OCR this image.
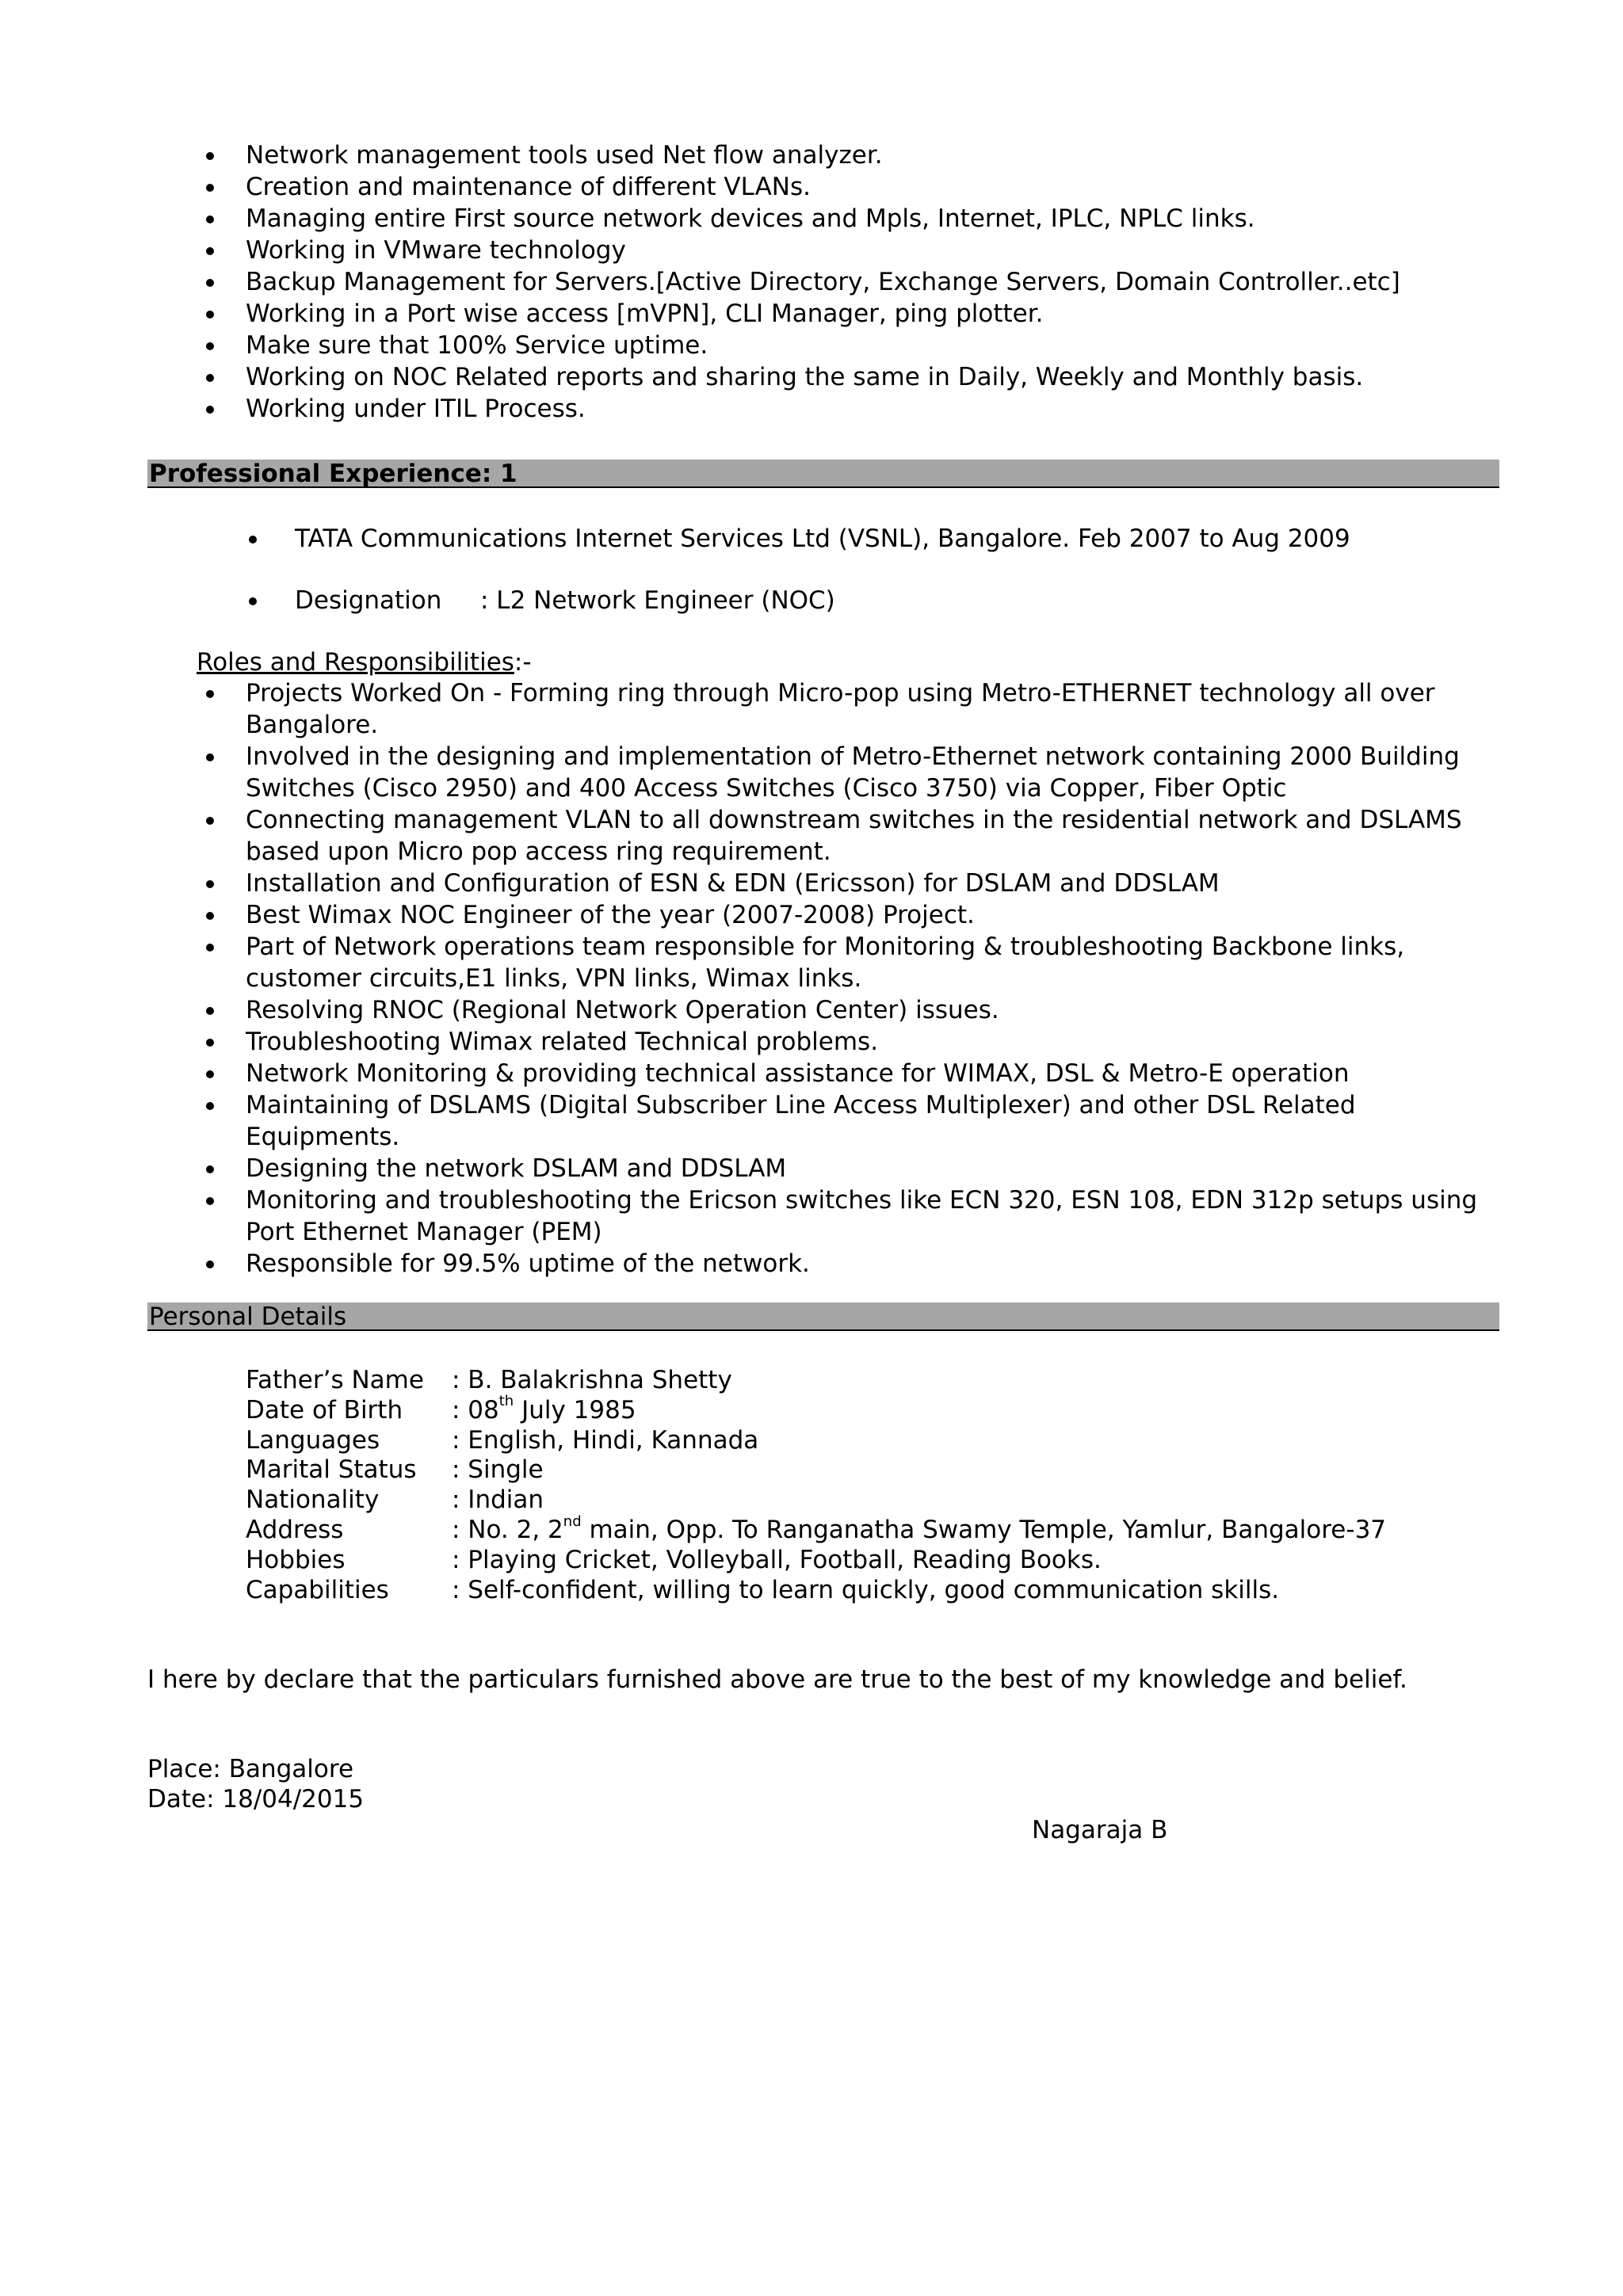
Network management tools used Net flow analyzer.
Creation and maintenance of different VLANs.
Managing entire First source network devices and Mpls, Internet, IPLC, NPLC links.
Working in VMware technology
Backup Management for Servers.[Active Directory, Exchange Servers, Domain Controller..etc]
Working in a Port wise access [mVPN], CLI Manager, ping plotter.
Make sure that 100% Service uptime.
Working on NOC Related reports and sharing the same in Daily, Weekly and Monthly basis.
Working under ITIL Process.
Professional Experience: 1
TATA Communications Internet Services Ltd (VSNL), Bangalore. Feb 2007 to Aug 2009
Designation : L2 Network Engineer (NOC)
Roles and Responsibilities:-
Projects Worked On - Forming ring through Micro-pop using Metro-ETHERNET technology all over Bangalore.
Involved in the designing and implementation of Metro-Ethernet network containing 2000 Building Switches (Cisco 2950) and 400 Access Switches (Cisco 3750) via Copper, Fiber Optic
Connecting management VLAN to all downstream switches in the residential network and DSLAMS based upon Micro pop access ring requirement.
Installation and Configuration of ESN & EDN (Ericsson) for DSLAM and DDSLAM
Best Wimax NOC Engineer of the year (2007-2008) Project.
Part of Network operations team responsible for Monitoring & troubleshooting Backbone links, customer circuits,E1 links, VPN links, Wimax links.
Resolving RNOC (Regional Network Operation Center) issues.
Troubleshooting Wimax related Technical problems.
Network Monitoring & providing technical assistance for WIMAX, DSL & Metro-E operation
Maintaining of DSLAMS (Digital Subscriber Line Access Multiplexer) and other DSL Related Equipments.
Designing the network DSLAM and DDSLAM
Monitoring and troubleshooting the Ericson switches like ECN 320, ESN 108, EDN 312p setups using Port Ethernet Manager (PEM)
Responsible for 99.5% uptime of the network.
Personal Details
Father’s Name	: B. Balakrishna Shetty
Date of Birth	: 08th July 1985
Languages	: English, Hindi, Kannada
Marital Status	: Single
Nationality	: Indian
Address	: No. 2, 2nd main, Opp. To Ranganatha Swamy Temple, Yamlur, Bangalore-37
Hobbies	: Playing Cricket, Volleyball, Football, Reading Books.
Capabilities	: Self-confident, willing to learn quickly, good communication skills.
I here by declare that the particulars furnished above are true to the best of my knowledge and belief.
Place: Bangalore
Date: 18/04/2015
Nagaraja B
